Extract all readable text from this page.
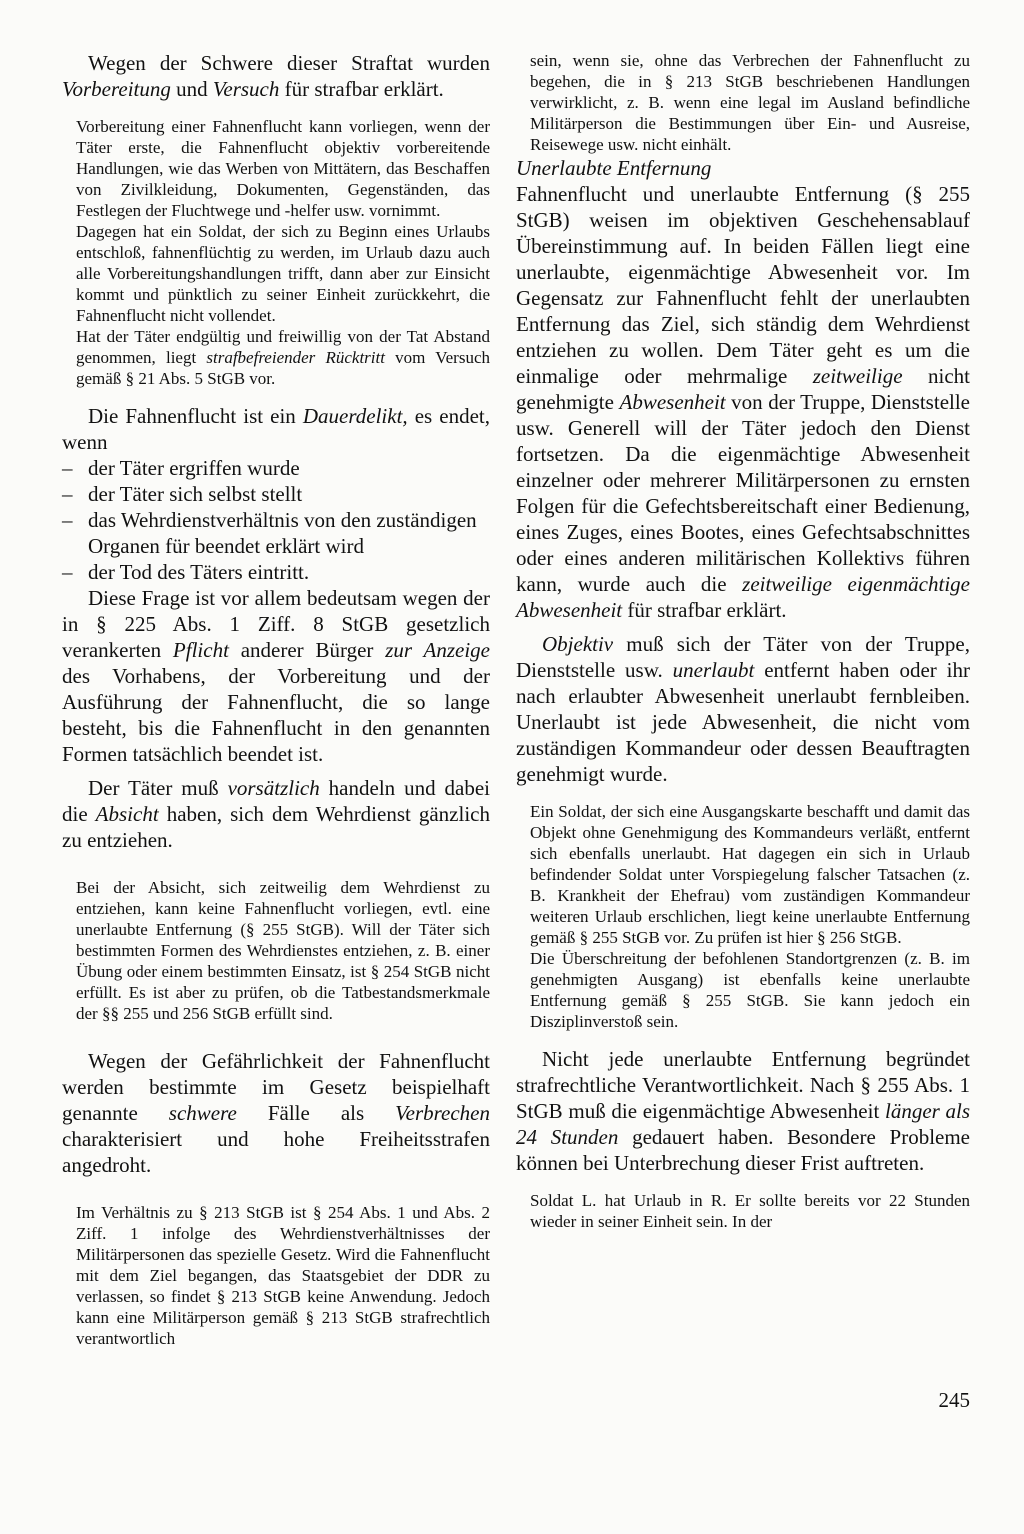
Wegen der Schwere dieser Straftat wurden Vorbereitung und Versuch für strafbar erklärt.

Vorbereitung einer Fahnenflucht kann vorliegen, wenn der Täter erste, die Fahnenflucht objektiv vorbereitende Handlungen, wie das Werben von Mittätern, das Beschaffen von Zivilkleidung, Dokumenten, Gegenständen, das Festlegen der Fluchtwege und -helfer usw. vornimmt.

Dagegen hat ein Soldat, der sich zu Beginn eines Urlaubs entschloß, fahnenflüchtig zu werden, im Urlaub dazu auch alle Vorbereitungshandlungen trifft, dann aber zur Einsicht kommt und pünktlich zu seiner Einheit zurückkehrt, die Fahnenflucht nicht vollendet.

Hat der Täter endgültig und freiwillig von der Tat Abstand genommen, liegt strafbefreiender Rücktritt vom Versuch gemäß § 21 Abs. 5 StGB vor.

Die Fahnenflucht ist ein Dauerdelikt, es endet, wenn

– der Täter ergriffen wurde
– der Täter sich selbst stellt
– das Wehrdienstverhältnis von den zuständigen Organen für beendet erklärt wird
– der Tod des Täters eintritt.

Diese Frage ist vor allem bedeutsam wegen der in § 225 Abs. 1 Ziff. 8 StGB gesetzlich verankerten Pflicht anderer Bürger zur Anzeige des Vorhabens, der Vorbereitung und der Ausführung der Fahnenflucht, die so lange besteht, bis die Fahnenflucht in den genannten Formen tatsächlich beendet ist.

Der Täter muß vorsätzlich handeln und dabei die Absicht haben, sich dem Wehrdienst gänzlich zu entziehen.

Bei der Absicht, sich zeitweilig dem Wehrdienst zu entziehen, kann keine Fahnenflucht vorliegen, evtl. eine unerlaubte Entfernung (§ 255 StGB). Will der Täter sich bestimmten Formen des Wehrdienstes entziehen, z. B. einer Übung oder einem bestimmten Einsatz, ist § 254 StGB nicht erfüllt. Es ist aber zu prüfen, ob die Tatbestandsmerkmale der §§ 255 und 256 StGB erfüllt sind.

Wegen der Gefährlichkeit der Fahnenflucht werden bestimmte im Gesetz beispielhaft genannte schwere Fälle als Verbrechen charakterisiert und hohe Freiheitsstrafen angedroht.

Im Verhältnis zu § 213 StGB ist § 254 Abs. 1 und Abs. 2 Ziff. 1 infolge des Wehrdienstverhältnisses der Militärpersonen das spezielle Gesetz. Wird die Fahnenflucht mit dem Ziel begangen, das Staatsgebiet der DDR zu verlassen, so findet § 213 StGB keine Anwendung. Jedoch kann eine Militärperson gemäß § 213 StGB strafrechtlich verantwortlich

sein, wenn sie, ohne das Verbrechen der Fahnenflucht zu begehen, die in § 213 StGB beschriebenen Handlungen verwirklicht, z. B. wenn eine legal im Ausland befindliche Militärperson die Bestimmungen über Ein- und Ausreise, Reisewege usw. nicht einhält.

Unerlaubte Entfernung

Fahnenflucht und unerlaubte Entfernung (§ 255 StGB) weisen im objektiven Geschehensablauf Übereinstimmung auf. In beiden Fällen liegt eine unerlaubte, eigenmächtige Abwesenheit vor. Im Gegensatz zur Fahnenflucht fehlt der unerlaubten Entfernung das Ziel, sich ständig dem Wehrdienst entziehen zu wollen. Dem Täter geht es um die einmalige oder mehrmalige zeitweilige nicht genehmigte Abwesenheit von der Truppe, Dienststelle usw. Generell will der Täter jedoch den Dienst fortsetzen. Da die eigenmächtige Abwesenheit einzelner oder mehrerer Militärpersonen zu ernsten Folgen für die Gefechtsbereitschaft einer Bedienung, eines Zuges, eines Bootes, eines Gefechtsabschnittes oder eines anderen militärischen Kollektivs führen kann, wurde auch die zeitweilige eigenmächtige Abwesenheit für strafbar erklärt.

Objektiv muß sich der Täter von der Truppe, Dienststelle usw. unerlaubt entfernt haben oder ihr nach erlaubter Abwesenheit unerlaubt fernbleiben. Unerlaubt ist jede Abwesenheit, die nicht vom zuständigen Kommandeur oder dessen Beauftragten genehmigt wurde.

Ein Soldat, der sich eine Ausgangskarte beschafft und damit das Objekt ohne Genehmigung des Kommandeurs verläßt, entfernt sich ebenfalls unerlaubt. Hat dagegen ein sich in Urlaub befindender Soldat unter Vorspiegelung falscher Tatsachen (z. B. Krankheit der Ehefrau) vom zuständigen Kommandeur weiteren Urlaub erschlichen, liegt keine unerlaubte Entfernung gemäß § 255 StGB vor. Zu prüfen ist hier § 256 StGB.

Die Überschreitung der befohlenen Standortgrenzen (z. B. im genehmigten Ausgang) ist ebenfalls keine unerlaubte Entfernung gemäß § 255 StGB. Sie kann jedoch ein Disziplinverstoß sein.

Nicht jede unerlaubte Entfernung begründet strafrechtliche Verantwortlichkeit. Nach § 255 Abs. 1 StGB muß die eigenmächtige Abwesenheit länger als 24 Stunden gedauert haben. Besondere Probleme können bei Unterbrechung dieser Frist auftreten.

Soldat L. hat Urlaub in R. Er sollte bereits vor 22 Stunden wieder in seiner Einheit sein. In der

245
